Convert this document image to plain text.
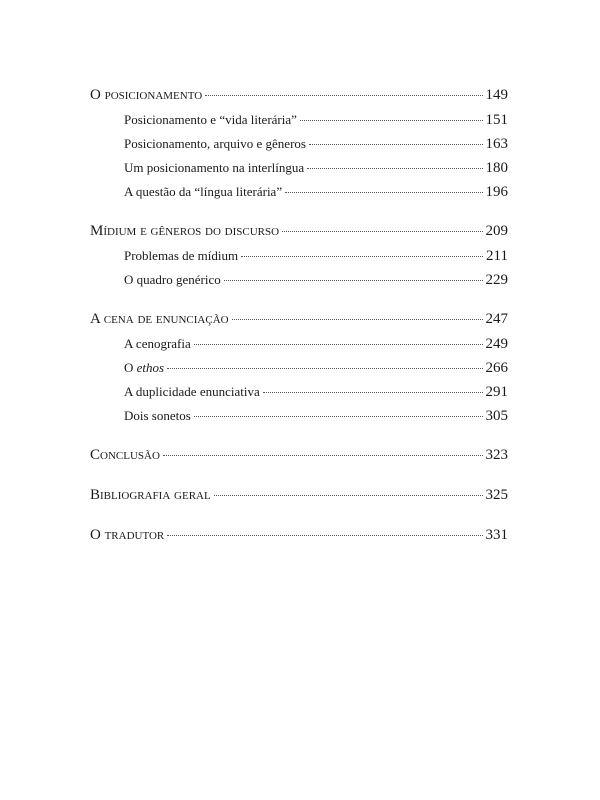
O posicionamento	149
Posicionamento e “vida literária”	151
Posicionamento, arquivo e gêneros	163
Um posicionamento na interlíngua	180
A questão da “língua literária”	196
Mídium e gêneros do discurso	209
Problemas de mídium	211
O quadro genérico	229
A cena de enunciação	247
A cenografia	249
O ethos	266
A duplicidade enunciativa	291
Dois sonetos	305
Conclusão	323
Bibliografia geral	325
O tradutor	331
